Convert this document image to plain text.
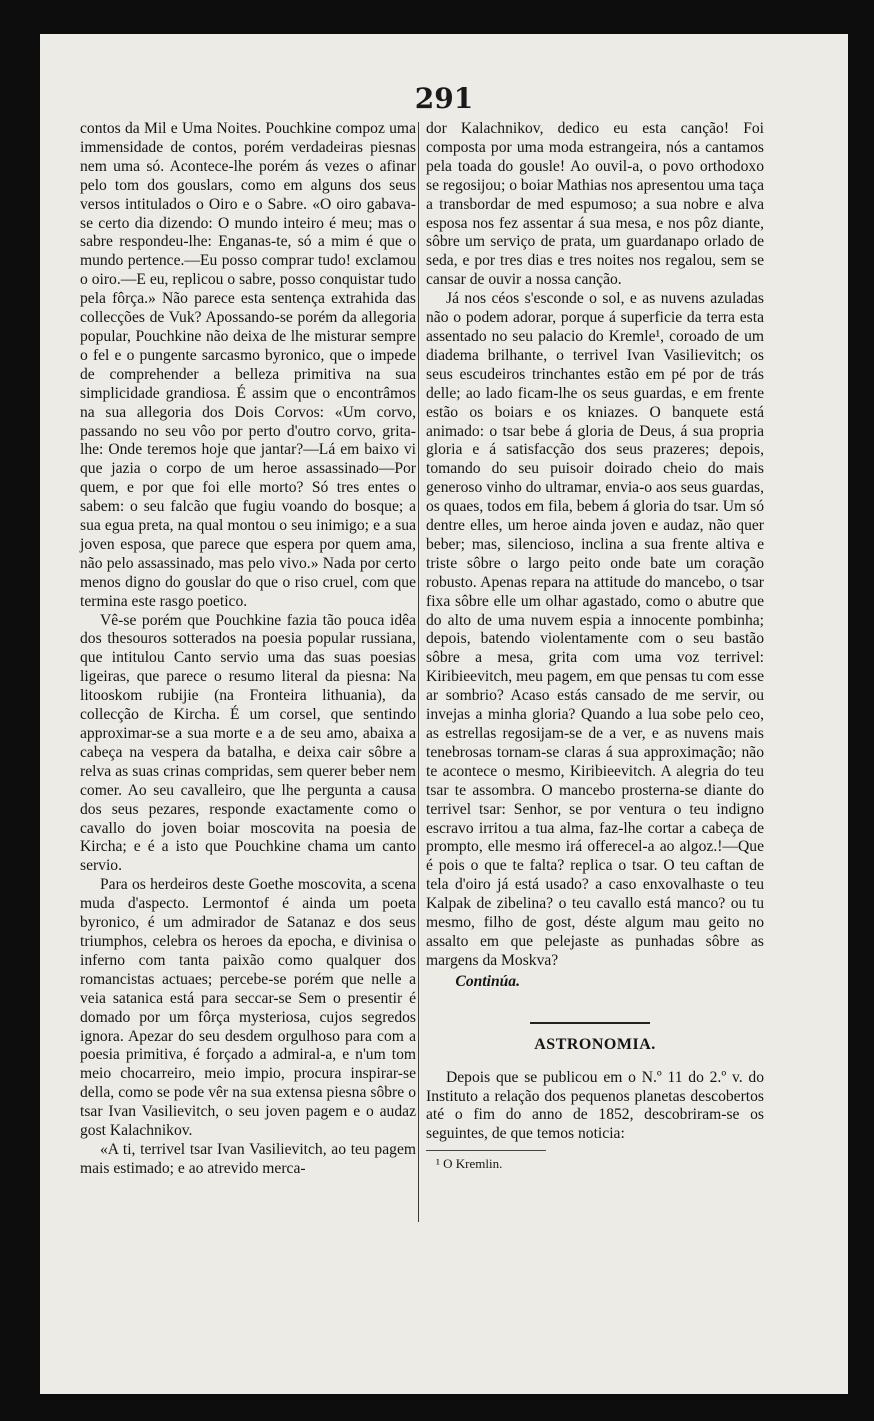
291

contos da Mil e Uma Noites. Pouchkine compoz uma immensidade de contos, porém verdadeiras piesnas nem uma só. Acontece-lhe porém ás vezes o afinar pelo tom dos gouslars, como em alguns dos seus versos intitulados o Oiro e o Sabre. «O oiro gabava-se certo dia dizendo: O mundo inteiro é meu; mas o sabre respondeu-lhe: Enganas-te, só a mim é que o mundo pertence.—Eu posso comprar tudo! exclamou o oiro.—E eu, replicou o sabre, posso conquistar tudo pela fôrça.» Não parece esta sentença extrahida das collecções de Vuk? Apossando-se porém da allegoria popular, Pouchkine não deixa de lhe misturar sempre o fel e o pungente sarcasmo byronico, que o impede de comprehender a belleza primitiva na sua simplicidade grandiosa. É assim que o encontrâmos na sua allegoria dos Dois Corvos: «Um corvo, passando no seu vôo por perto d'outro corvo, grita-lhe: Onde teremos hoje que jantar?—Lá em baixo vi que jazia o corpo de um heroe assassinado—Por quem, e por que foi elle morto? Só tres entes o sabem: o seu falcão que fugiu voando do bosque; a sua egua preta, na qual montou o seu inimigo; e a sua joven esposa, que parece que espera por quem ama, não pelo assassinado, mas pelo vivo.» Nada por certo menos digno do gouslar do que o riso cruel, com que termina este rasgo poetico.

Vê-se porém que Pouchkine fazia tão pouca idêa dos thesouros sotterados na poesia popular russiana, que intitulou Canto servio uma das suas poesias ligeiras, que parece o resumo literal da piesna: Na litooskom rubijie (na Fronteira lithuania), da collecção de Kircha. É um corsel, que sentindo approximar-se a sua morte e a de seu amo, abaixa a cabeça na vespera da batalha, e deixa cair sôbre a relva as suas crinas compridas, sem querer beber nem comer. Ao seu cavalleiro, que lhe pergunta a causa dos seus pezares, responde exactamente como o cavallo do joven boiar moscovita na poesia de Kircha; e é a isto que Pouchkine chama um canto servio.

Para os herdeiros deste Goethe moscovita, a scena muda d'aspecto. Lermontof é ainda um poeta byronico, é um admirador de Satanaz e dos seus triumphos, celebra os heroes da epocha, e divinisa o inferno com tanta paixão como qualquer dos romancistas actuaes; percebe-se porém que nelle a veia satanica está para seccar-se Sem o presentir é domado por um fôrça mysteriosa, cujos segredos ignora. Apezar do seu desdem orgulhoso para com a poesia primitiva, é forçado a admiral-a, e n'um tom meio chocarreiro, meio impio, procura inspirar-se della, como se pode vêr na sua extensa piesna sôbre o tsar Ivan Vasilievitch, o seu joven pagem e o audaz gost Kalachnikov.

«A ti, terrivel tsar Ivan Vasilievitch, ao teu pagem mais estimado; e ao atrevido merca-

dor Kalachnikov, dedico eu esta canção! Foi composta por uma moda estrangeira, nós a cantamos pela toada do gousle! Ao ouvil-a, o povo orthodoxo se regosijou; o boiar Mathias nos apresentou uma taça a transbordar de med espumoso; a sua nobre e alva esposa nos fez assentar á sua mesa, e nos pôz diante, sôbre um serviço de prata, um guardanapo orlado de seda, e por tres dias e tres noites nos regalou, sem se cansar de ouvir a nossa canção.

Já nos céos s'esconde o sol, e as nuvens azuladas não o podem adorar, porque á superficie da terra esta assentado no seu palacio do Kremle¹, coroado de um diadema brilhante, o terrivel Ivan Vasilievitch; os seus escudeiros trinchantes estão em pé por de trás delle; ao lado ficam-lhe os seus guardas, e em frente estão os boiars e os kniazes. O banquete está animado: o tsar bebe á gloria de Deus, á sua propria gloria e á satisfacção dos seus prazeres; depois, tomando do seu puisoir doirado cheio do mais generoso vinho do ultramar, envia-o aos seus guardas, os quaes, todos em fila, bebem á gloria do tsar. Um só dentre elles, um heroe ainda joven e audaz, não quer beber; mas, silencioso, inclina a sua frente altiva e triste sôbre o largo peito onde bate um coração robusto. Apenas repara na attitude do mancebo, o tsar fixa sôbre elle um olhar agastado, como o abutre que do alto de uma nuvem espia a innocente pombinha; depois, batendo violentamente com o seu bastão sôbre a mesa, grita com uma voz terrivel: Kiribieevitch, meu pagem, em que pensas tu com esse ar sombrio? Acaso estás cansado de me servir, ou invejas a minha gloria? Quando a lua sobe pelo ceo, as estrellas regosijam-se de a ver, e as nuvens mais tenebrosas tornam-se claras á sua approximação; não te acontece o mesmo, Kiribieevitch. A alegria do teu tsar te assombra. O mancebo prosterna-se diante do terrivel tsar: Senhor, se por ventura o teu indigno escravo irritou a tua alma, faz-lhe cortar a cabeça de prompto, elle mesmo irá offerecel-a ao algoz.!—Que é pois o que te falta? replica o tsar. O teu caftan de tela d'oiro já está usado? a caso enxovalhaste o teu Kalpak de zibelina? o teu cavallo está manco? ou tu mesmo, filho de gost, déste algum mau geito no assalto em que pelejaste as punhadas sôbre as margens da Moskva?

Continúa.

ASTRONOMIA.

Depois que se publicou em o N.º 11 do 2.º v. do Instituto a relação dos pequenos planetas descobertos até o fim do anno de 1852, descobriram-se os seguintes, de que temos noticia:

¹ O Kremlin.
